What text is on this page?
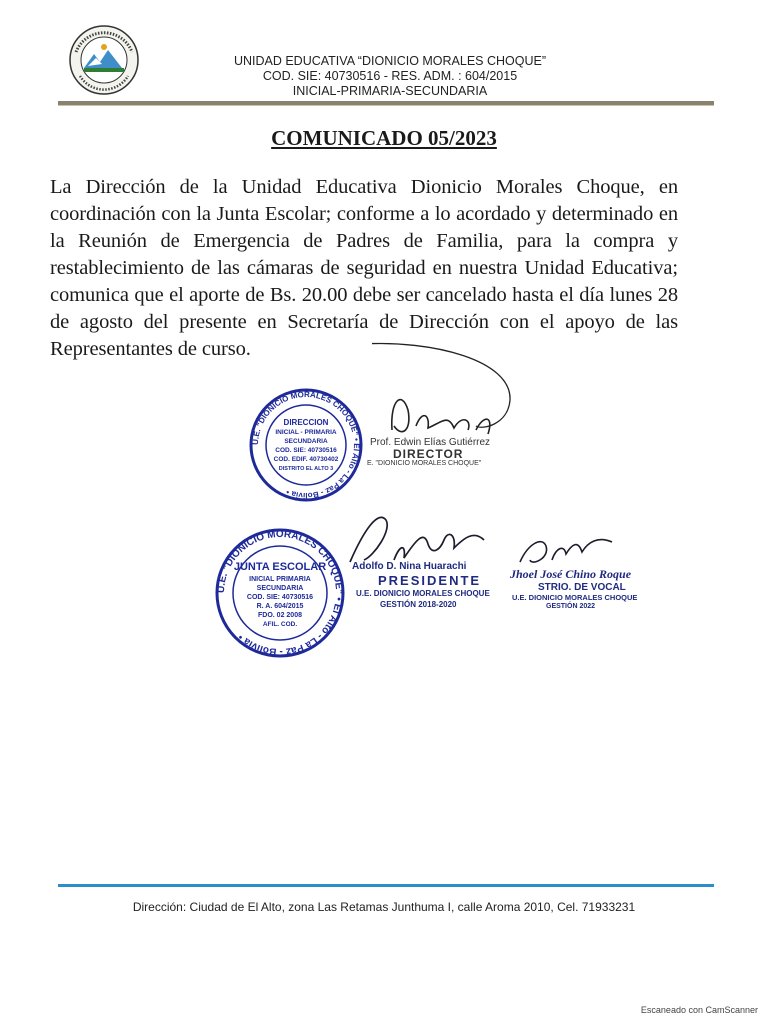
UNIDAD EDUCATIVA “DIONICIO MORALES CHOQUE”
COD. SIE: 40730516 - RES. ADM. : 604/2015
INICIAL-PRIMARIA-SECUNDARIA
COMUNICADO 05/2023
La Dirección de la Unidad Educativa Dionicio Morales Choque, en coordinación con la Junta Escolar; conforme a lo acordado y determinado en la Reunión de Emergencia de Padres de Familia, para la compra y restablecimiento de las cámaras de seguridad en nuestra Unidad Educativa; comunica que el aporte de Bs. 20.00 debe ser cancelado hasta el día lunes 28 de agosto del presente en Secretaría de Dirección con el apoyo de las Representantes de curso.
U.E. "DIONICIO MORALES CHOQUE" • El Alto - La Paz - Bolivia •
DIRECCION
INICIAL - PRIMARIA
SECUNDARIA
COD. SIE: 40730516
COD. EDIF. 40730402
DISTRITO EL ALTO 3
Prof. Edwin Elías Gutiérrez
DIRECTOR
E. "DIONICIO MORALES CHOQUE"
U.E. "DIONICIO MORALES CHOQUE" • El Alto - La Paz - Bolivia •
JUNTA ESCOLAR
INICIAL PRIMARIA
SECUNDARIA
COD. SIE: 40730516
R. A. 604/2015
FDO. 02 2008
AFIL. COD.
Adolfo D. Nina Huarachi
PRESIDENTE
U.E. DIONICIO MORALES CHOQUE
GESTIÓN 2018-2020
Jhoel José Chino Roque
STRIO. DE VOCAL
U.E. DIONICIO MORALES CHOQUE
GESTIÓN 2022
Dirección: Ciudad de El Alto, zona Las Retamas Junthuma I, calle Aroma 2010, Cel. 71933231
Escaneado con CamScanner
